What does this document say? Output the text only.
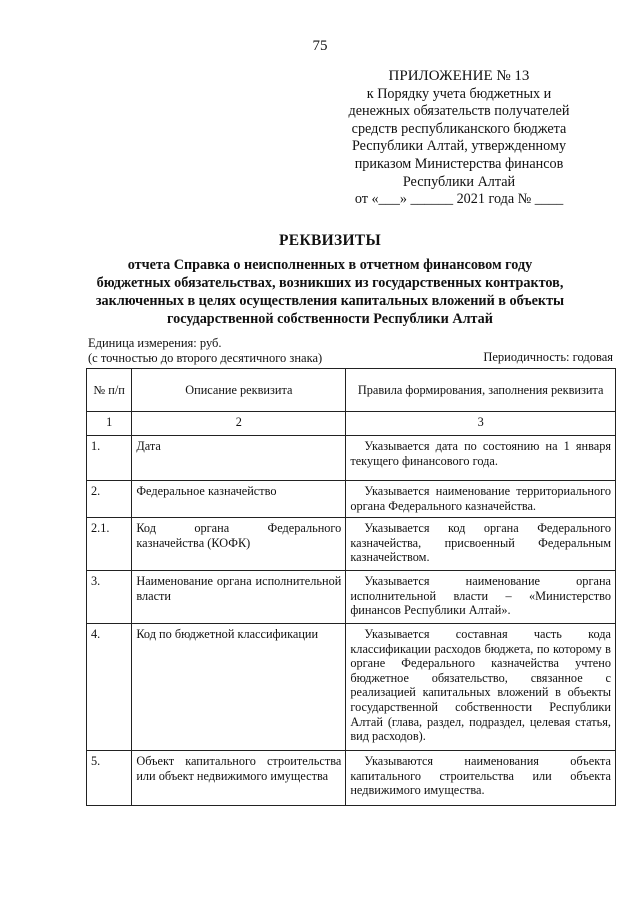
75
ПРИЛОЖЕНИЕ № 13
к Порядку учета бюджетных и
денежных обязательств получателей
средств республиканского бюджета
Республики Алтай, утвержденному
приказом Министерства финансов
Республики Алтай
от «___» ______ 2021 года № ____
РЕКВИЗИТЫ
отчета Справка о неисполненных в отчетном финансовом году
бюджетных обязательствах, возникших из государственных контрактов,
заключенных в целях осуществления капитальных вложений в объекты
государственной собственности Республики Алтай
Единица измерения: руб.
(с точностью до второго десятичного знака)	Периодичность: годовая
№ п/п	Описание реквизита	Правила формирования, заполнения реквизита
1	2	3
1.	Дата	Указывается дата по состоянию на 1 января текущего финансового года.
2.	Федеральное казначейство	Указывается наименование территориального органа Федерального казначейства.
2.1.	Код органа Федерального казначейства (КОФК)	Указывается код органа Федерального казначейства, присвоенный Федеральным казначейством.
3.	Наименование органа исполнительной власти	Указывается наименование органа исполнительной власти – «Министерство финансов Республики Алтай».
4.	Код по бюджетной классификации	Указывается составная часть кода классификации расходов бюджета, по которому в органе Федерального казначейства учтено бюджетное обязательство, связанное с реализацией капитальных вложений в объекты государственной собственности Республики Алтай (глава, раздел, подраздел, целевая статья, вид расходов).
5.	Объект капитального строительства или объект недвижимого имущества	Указываются наименования объекта капитального строительства или объекта недвижимого имущества.
